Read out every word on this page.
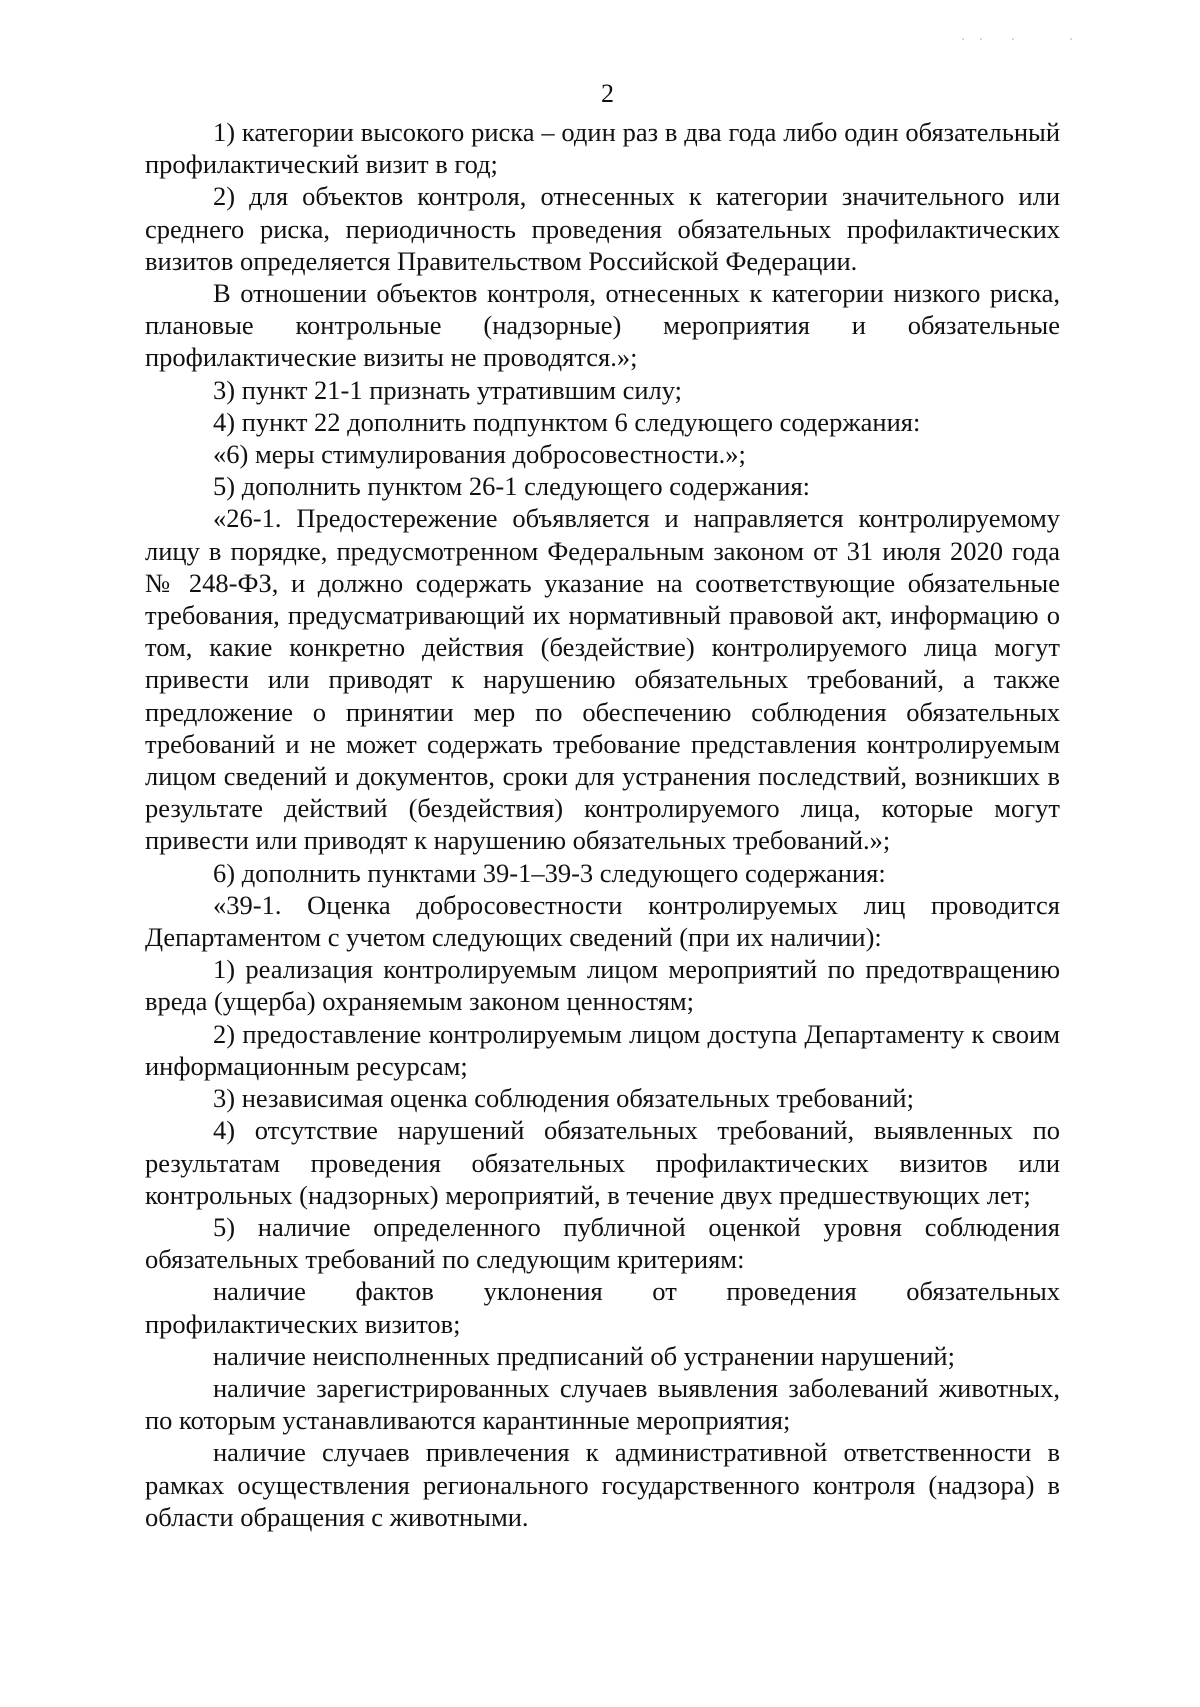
2

1) категории высокого риска – один раз в два года либо один обязательный профилактический визит в год;

2) для объектов контроля, отнесенных к категории значительного или среднего риска, периодичность проведения обязательных профилактических визитов определяется Правительством Российской Федерации.

В отношении объектов контроля, отнесенных к категории низкого риска, плановые контрольные (надзорные) мероприятия и обязательные профилактические визиты не проводятся.»;

3) пункт 21-1 признать утратившим силу;

4) пункт 22 дополнить подпунктом 6 следующего содержания:

«6) меры стимулирования добросовестности.»;

5) дополнить пунктом 26-1 следующего содержания:

«26-1. Предостережение объявляется и направляется контролируемому лицу в порядке, предусмотренном Федеральным законом от 31 июля 2020 года № 248-ФЗ, и должно содержать указание на соответствующие обязательные требования, предусматривающий их нормативный правовой акт, информацию о том, какие конкретно действия (бездействие) контролируемого лица могут привести или приводят к нарушению обязательных требований, а также предложение о принятии мер по обеспечению соблюдения обязательных требований и не может содержать требование представления контролируемым лицом сведений и документов, сроки для устранения последствий, возникших в результате действий (бездействия) контролируемого лица, которые могут привести или приводят к нарушению обязательных требований.»;

6) дополнить пунктами 39-1–39-3 следующего содержания:

«39-1. Оценка добросовестности контролируемых лиц проводится Департаментом с учетом следующих сведений (при их наличии):

1) реализация контролируемым лицом мероприятий по предотвращению вреда (ущерба) охраняемым законом ценностям;

2) предоставление контролируемым лицом доступа Департаменту к своим информационным ресурсам;

3) независимая оценка соблюдения обязательных требований;

4) отсутствие нарушений обязательных требований, выявленных по результатам проведения обязательных профилактических визитов или контрольных (надзорных) мероприятий, в течение двух предшествующих лет;

5) наличие определенного публичной оценкой уровня соблюдения обязательных требований по следующим критериям:

наличие фактов уклонения от проведения обязательных профилактических визитов;

наличие неисполненных предписаний об устранении нарушений;

наличие зарегистрированных случаев выявления заболеваний животных, по которым устанавливаются карантинные мероприятия;

наличие случаев привлечения к административной ответственности в рамках осуществления регионального государственного контроля (надзора) в области обращения с животными.
